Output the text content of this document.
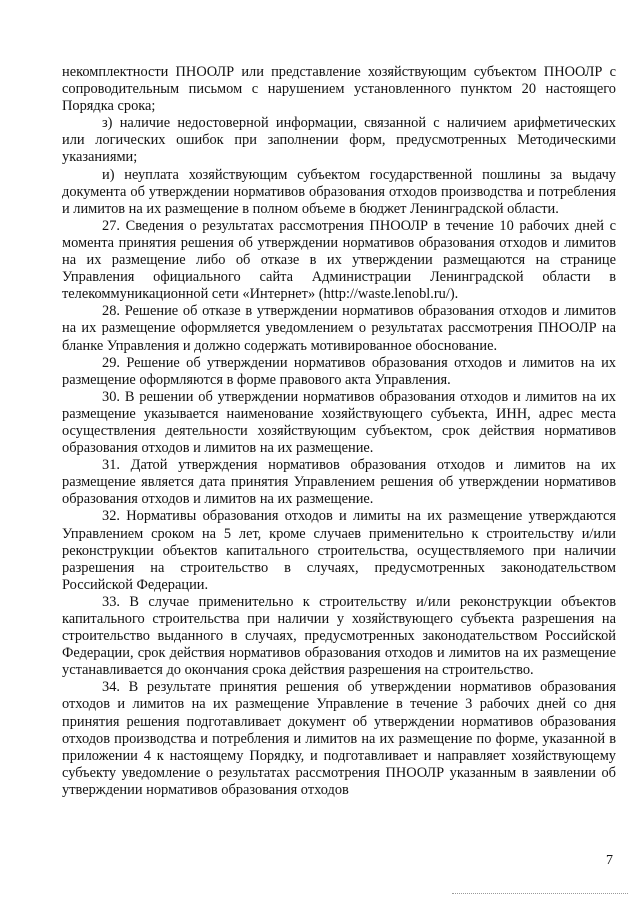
некомплектности ПНООЛР или представление хозяйствующим субъектом ПНООЛР с сопроводительным письмом с нарушением установленного пунктом 20 настоящего Порядка срока;

з) наличие недостоверной информации, связанной с наличием арифметических или логических ошибок при заполнении форм, предусмотренных Методическими указаниями;

и) неуплата хозяйствующим субъектом государственной пошлины за выдачу документа об утверждении нормативов образования отходов производства и потребления и лимитов на их размещение в полном объеме в бюджет Ленинградской области.

27. Сведения о результатах рассмотрения ПНООЛР в течение 10 рабочих дней с момента принятия решения об утверждении нормативов образования отходов и лимитов на их размещение либо об отказе в их утверждении размещаются на странице Управления официального сайта Администрации Ленинградской области в телекоммуникационной сети «Интернет» (http://waste.lenobl.ru/).

28. Решение об отказе в утверждении нормативов образования отходов и лимитов на их размещение оформляется уведомлением о результатах рассмотрения ПНООЛР на бланке Управления и должно содержать мотивированное обоснование.

29. Решение об утверждении нормативов образования отходов и лимитов на их размещение оформляются в форме правового акта Управления.

30. В решении об утверждении нормативов образования отходов и лимитов на их размещение указывается наименование хозяйствующего субъекта, ИНН, адрес места осуществления деятельности хозяйствующим субъектом, срок действия нормативов образования отходов и лимитов на их размещение.

31. Датой утверждения нормативов образования отходов и лимитов на их размещение является дата принятия Управлением решения об утверждении нормативов образования отходов и лимитов на их размещение.

32. Нормативы образования отходов и лимиты на их размещение утверждаются Управлением сроком на 5 лет, кроме случаев применительно к строительству и/или реконструкции объектов капитального строительства, осуществляемого при наличии разрешения на строительство в случаях, предусмотренных законодательством Российской Федерации.

33. В случае применительно к строительству и/или реконструкции объектов капитального строительства при наличии у хозяйствующего субъекта разрешения на строительство выданного в случаях, предусмотренных законодательством Российской Федерации, срок действия нормативов образования отходов и лимитов на их размещение устанавливается до окончания срока действия разрешения на строительство.

34. В результате принятия решения об утверждении нормативов образования отходов и лимитов на их размещение Управление в течение 3 рабочих дней со дня принятия решения подготавливает документ об утверждении нормативов образования отходов производства и потребления и лимитов на их размещение по форме, указанной в приложении 4 к настоящему Порядку, и подготавливает и направляет хозяйствующему субъекту уведомление о результатах рассмотрения ПНООЛР указанным в заявлении об утверждении нормативов образования отходов

7
